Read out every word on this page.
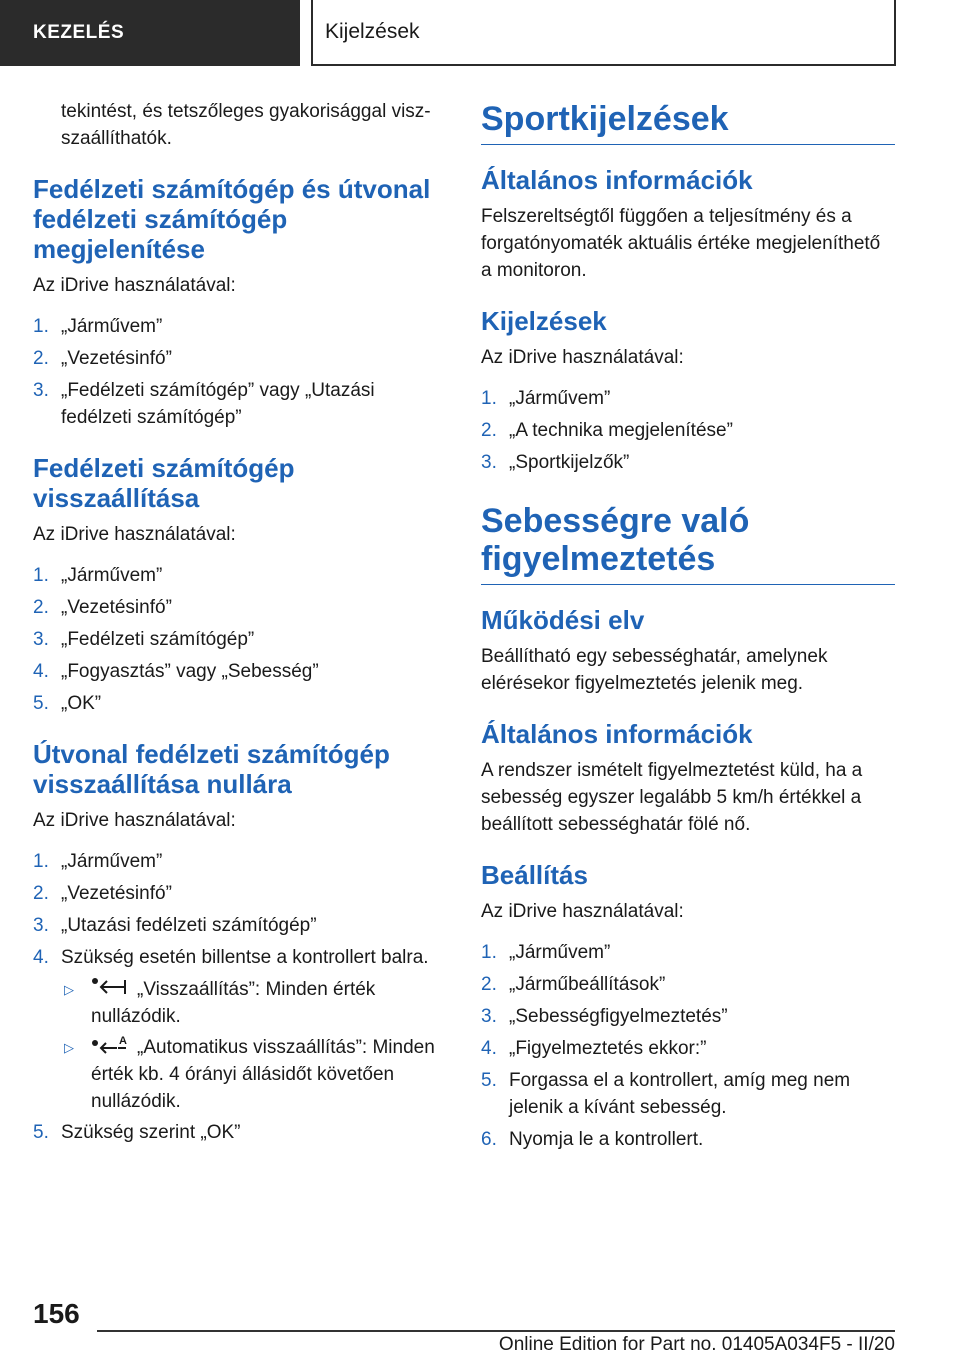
KEZELÉS	Kijelzések

tekintést, és tetszőleges gyakorisággal visz-

szaállíthatók.

Fedélzeti számítógép és útvonal fedélzeti számítógép megjelenítése

Az iDrive használatával:

1. „Járművem”
2. „Vezetésinfó”
3. „Fedélzeti számítógép” vagy „Utazási fedélzeti számítógép”
Fedélzeti számítógép visszaállítása

Az iDrive használatával:

1. „Járművem”
2. „Vezetésinfó”
3. „Fedélzeti számítógép”
4. „Fogyasztás” vagy „Sebesség”
5. „OK”
Útvonal fedélzeti számítógép visszaállítása nullára

Az iDrive használatával:

1. „Járművem”
2. „Vezetésinfó”
3. „Utazási fedélzeti számítógép”
4. Szükség esetén billentse a kontrollert balra.
▷	„Visszaállítás”: Minden érték nullázódik.
▷	A „Automatikus visszaállítás”: Minden érték kb. 4 órányi állásidőt követően nullázódik.
5. Szükség szerint „OK”
Sportkijelzések
Általános információk

Felszereltségtől függően a teljesítmény és a forgatónyomaték aktuális értéke megjeleníthető a monitoron.

Kijelzések

Az iDrive használatával:

1. „Járművem”
2. „A technika megjelenítése”
3. „Sportkijelzők”
Sebességre való figyelmeztetés
Működési elv

Beállítható egy sebességhatár, amelynek elérésekor figyelmeztetés jelenik meg.

Általános információk

A rendszer ismételt figyelmeztetést küld, ha a sebesség egyszer legalább 5 km/h értékkel a beállított sebességhatár fölé nő.

Beállítás

Az iDrive használatával:

1. „Járművem”
2. „Járműbeállítások”
3. „Sebességfigyelmeztetés”
4. „Figyelmeztetés ekkor:”
5. Forgassa el a kontrollert, amíg meg nem jelenik a kívánt sebesség.
6. Nyomja le a kontrollert.
156
Online Edition for Part no. 01405A034F5 - II/20
